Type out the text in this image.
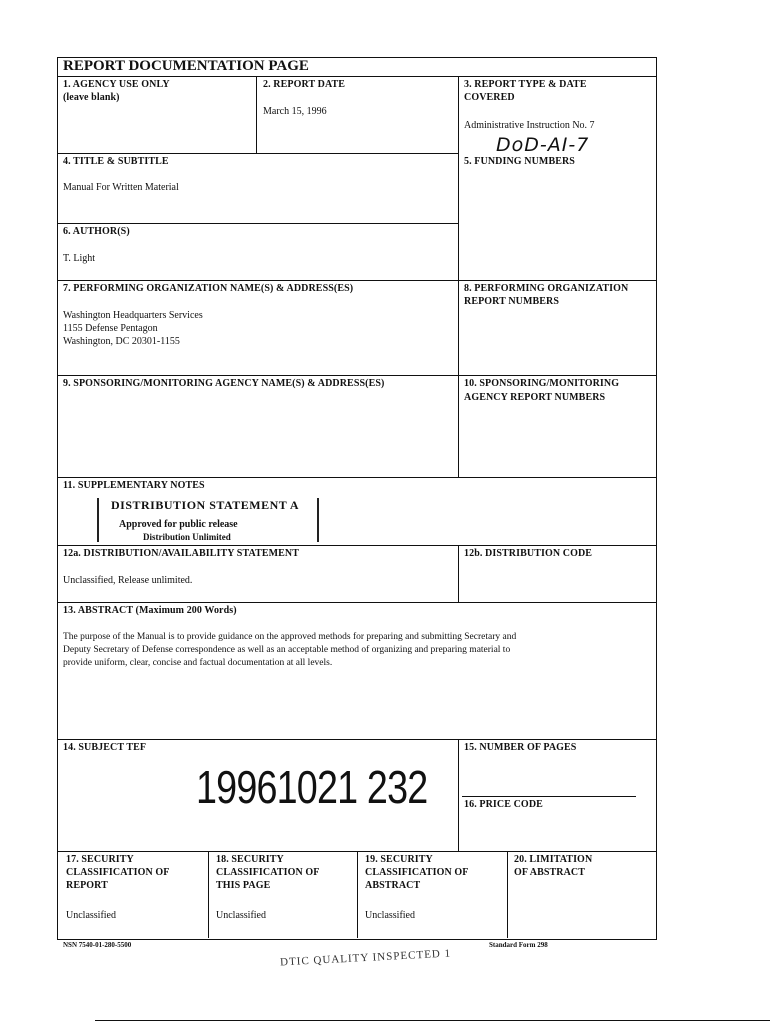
REPORT DOCUMENTATION PAGE
1. AGENCY USE ONLY
(leave blank)
2. REPORT DATE
March 15, 1996
3. REPORT TYPE & DATE
COVERED
Administrative Instruction No. 7
DoD-AI-7
4. TITLE & SUBTITLE
Manual For Written Material
5. FUNDING NUMBERS
6. AUTHOR(S)
T. Light
7. PERFORMING ORGANIZATION NAME(S) & ADDRESS(ES)
Washington Headquarters Services
1155 Defense Pentagon
Washington, DC 20301-1155
8. PERFORMING ORGANIZATION
REPORT NUMBERS
9. SPONSORING/MONITORING AGENCY NAME(S) & ADDRESS(ES)	10. SPONSORING/MONITORING
AGENCY REPORT NUMBERS
11. SUPPLEMENTARY NOTES
DISTRIBUTION STATEMENT A
Approved for public release
Distribution Unlimited
12a. DISTRIBUTION/AVAILABILITY STATEMENT
Unclassified, Release unlimited.
12b. DISTRIBUTION CODE
13. ABSTRACT (Maximum 200 Words)
The purpose of the Manual is to provide guidance on the approved methods for preparing and submitting Secretary and
Deputy Secretary of Defense correspondence as well as an acceptable method of organizing and preparing material to
provide uniform, clear, concise and factual documentation at all levels.
14. SUBJECT TEF
19961021 232
15. NUMBER OF PAGES
16. PRICE CODE
17. SECURITY
CLASSIFICATION OF
REPORT
Unclassified
18. SECURITY
CLASSIFICATION OF
THIS PAGE
Unclassified
19. SECURITY
CLASSIFICATION OF
ABSTRACT
Unclassified
20. LIMITATION
OF ABSTRACT
NSN 7540-01-280-5500	Standard Form 298
DTIC QUALITY INSPECTED 1
